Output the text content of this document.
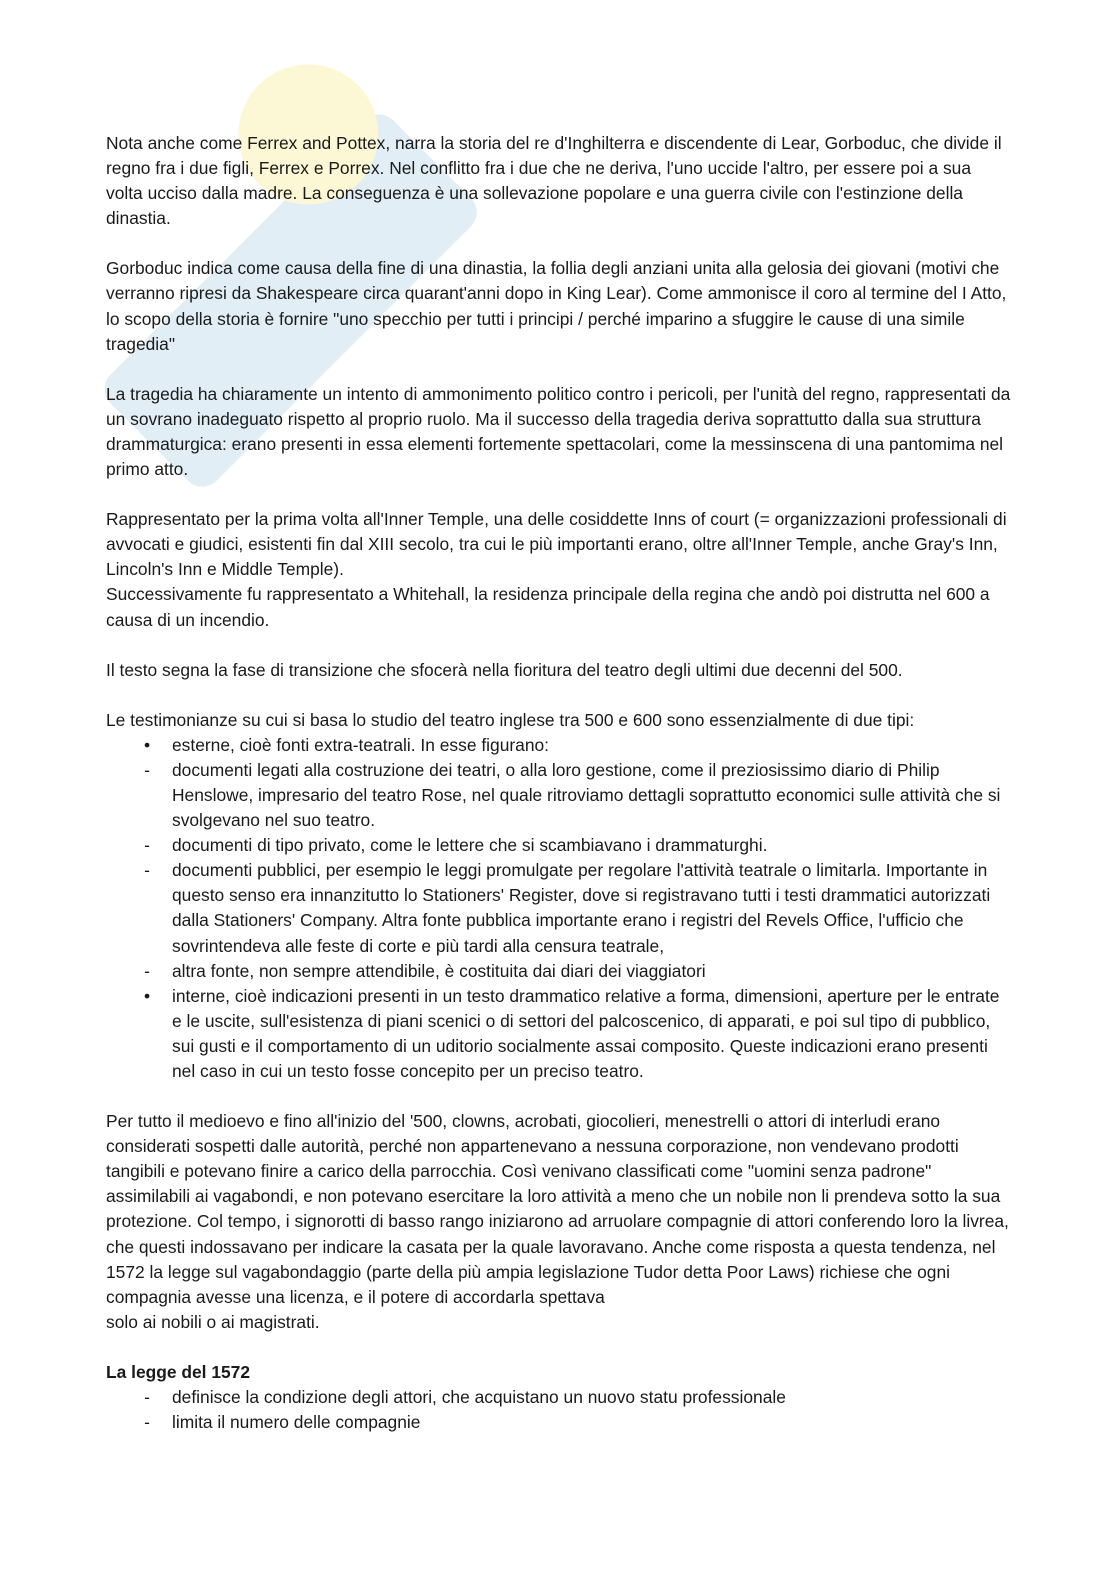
Nota anche come Ferrex and Pottex, narra la storia del re d'Inghilterra e discendente di Lear, Gorboduc, che divide il regno fra i due figli, Ferrex e Porrex. Nel conflitto fra i due che ne deriva, l'uno uccide l'altro, per essere poi a sua volta ucciso dalla madre. La conseguenza è una sollevazione popolare e una guerra civile con l'estinzione della dinastia.

Gorboduc indica come causa della fine di una dinastia, la follia degli anziani unita alla gelosia dei giovani (motivi che verranno ripresi da Shakespeare circa quarant'anni dopo in King Lear). Come ammonisce il coro al termine del I Atto, lo scopo della storia è fornire "uno specchio per tutti i principi / perché imparino a sfuggire le cause di una simile tragedia"

La tragedia ha chiaramente un intento di ammonimento politico contro i pericoli, per l'unità del regno, rappresentati da un sovrano inadeguato rispetto al proprio ruolo. Ma il successo della tragedia deriva soprattutto dalla sua struttura drammaturgica: erano presenti in essa elementi fortemente spettacolari, come la messinscena di una pantomima nel primo atto.

Rappresentato per la prima volta all'Inner Temple, una delle cosiddette Inns of court (= organizzazioni professionali di avvocati e giudici, esistenti fin dal XIII secolo, tra cui le più importanti erano, oltre all'Inner Temple, anche Gray's Inn, Lincoln's Inn e Middle Temple).

Successivamente fu rappresentato a Whitehall, la residenza principale della regina che andò poi distrutta nel 600 a causa di un incendio.

Il testo segna la fase di transizione che sfocerà nella fioritura del teatro degli ultimi due decenni del 500.

Le testimonianze su cui si basa lo studio del teatro inglese tra 500 e 600 sono essenzialmente di due tipi:

• esterne, cioè fonti extra-teatrali. In esse figurano:
- documenti legati alla costruzione dei teatri, o alla loro gestione, come il preziosissimo diario di Philip Henslowe, impresario del teatro Rose, nel quale ritroviamo dettagli soprattutto economici sulle attività che si svolgevano nel suo teatro.
- documenti di tipo privato, come le lettere che si scambiavano i drammaturghi.
- documenti pubblici, per esempio le leggi promulgate per regolare l'attività teatrale o limitarla. Importante in questo senso era innanzitutto lo Stationers' Register, dove si registravano tutti i testi drammatici autorizzati dalla Stationers' Company. Altra fonte pubblica importante erano i registri del Revels Office, l'ufficio che sovrintendeva alle feste di corte e più tardi alla censura teatrale,
- altra fonte, non sempre attendibile, è costituita dai diari dei viaggiatori
• interne, cioè indicazioni presenti in un testo drammatico relative a forma, dimensioni, aperture per le entrate e le uscite, sull'esistenza di piani scenici o di settori del palcoscenico, di apparati, e poi sul tipo di pubblico, sui gusti e il comportamento di un uditorio socialmente assai composito. Queste indicazioni erano presenti nel caso in cui un testo fosse concepito per un preciso teatro.

Per tutto il medioevo e fino all'inizio del '500, clowns, acrobati, giocolieri, menestrelli o attori di interludi erano considerati sospetti dalle autorità, perché non appartenevano a nessuna corporazione, non vendevano prodotti tangibili e potevano finire a carico della parrocchia. Così venivano classificati come "uomini senza padrone" assimilabili ai vagabondi, e non potevano esercitare la loro attività a meno che un nobile non li prendeva sotto la sua protezione. Col tempo, i signorotti di basso rango iniziarono ad arruolare compagnie di attori conferendo loro la livrea, che questi indossavano per indicare la casata per la quale lavoravano. Anche come risposta a questa tendenza, nel 1572 la legge sul vagabondaggio (parte della più ampia legislazione Tudor detta Poor Laws) richiese che ogni compagnia avesse una licenza, e il potere di accordarla spettava

solo ai nobili o ai magistrati.

La legge del 1572
- definisce la condizione degli attori, che acquistano un nuovo statu professionale
- limita il numero delle compagnie
